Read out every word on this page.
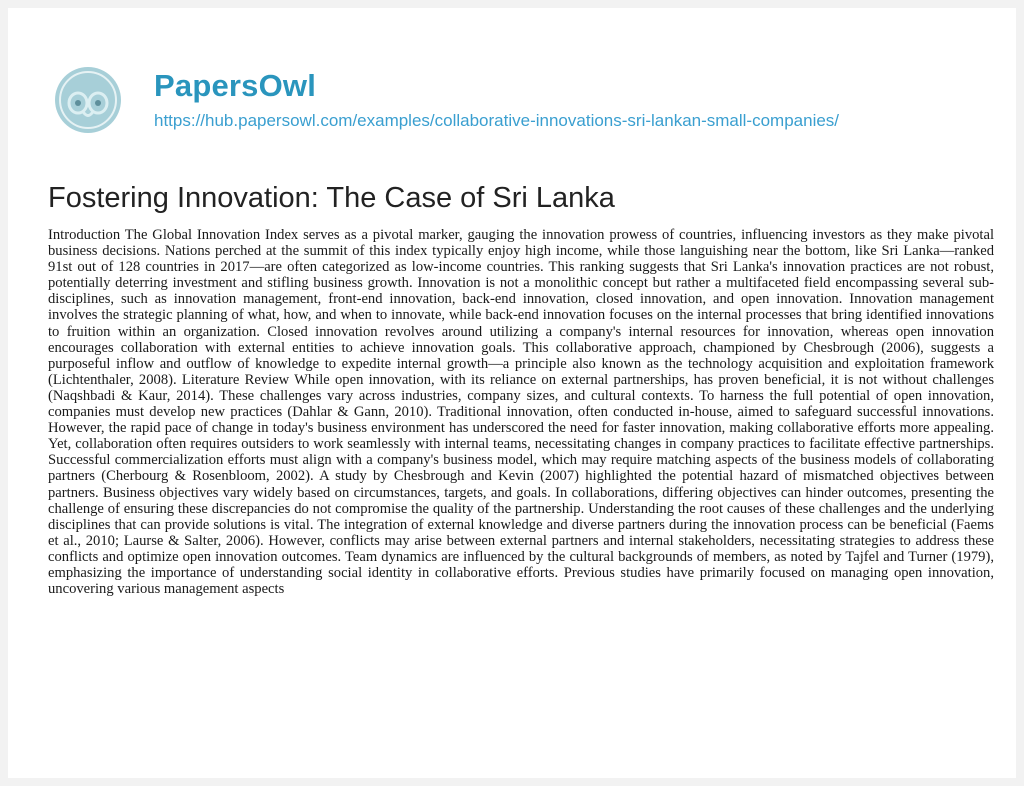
PapersOwl
https://hub.papersowl.com/examples/collaborative-innovations-sri-lankan-small-companies/
Fostering Innovation: The Case of Sri Lanka

Introduction The Global Innovation Index serves as a pivotal marker, gauging the innovation prowess of countries, influencing investors as they make pivotal business decisions. Nations perched at the summit of this index typically enjoy high income, while those languishing near the bottom, like Sri Lanka—ranked 91st out of 128 countries in 2017—are often categorized as low-income countries. This ranking suggests that Sri Lanka's innovation practices are not robust, potentially deterring investment and stifling business growth. Innovation is not a monolithic concept but rather a multifaceted field encompassing several sub-disciplines, such as innovation management, front-end innovation, back-end innovation, closed innovation, and open innovation. Innovation management involves the strategic planning of what, how, and when to innovate, while back-end innovation focuses on the internal processes that bring identified innovations to fruition within an organization. Closed innovation revolves around utilizing a company's internal resources for innovation, whereas open innovation encourages collaboration with external entities to achieve innovation goals. This collaborative approach, championed by Chesbrough (2006), suggests a purposeful inflow and outflow of knowledge to expedite internal growth—a principle also known as the technology acquisition and exploitation framework (Lichtenthaler, 2008). Literature Review While open innovation, with its reliance on external partnerships, has proven beneficial, it is not without challenges (Naqshbadi & Kaur, 2014). These challenges vary across industries, company sizes, and cultural contexts. To harness the full potential of open innovation, companies must develop new practices (Dahlar & Gann, 2010). Traditional innovation, often conducted in-house, aimed to safeguard successful innovations. However, the rapid pace of change in today's business environment has underscored the need for faster innovation, making collaborative efforts more appealing. Yet, collaboration often requires outsiders to work seamlessly with internal teams, necessitating changes in company practices to facilitate effective partnerships. Successful commercialization efforts must align with a company's business model, which may require matching aspects of the business models of collaborating partners (Cherbourg & Rosenbloom, 2002). A study by Chesbrough and Kevin (2007) highlighted the potential hazard of mismatched objectives between partners. Business objectives vary widely based on circumstances, targets, and goals. In collaborations, differing objectives can hinder outcomes, presenting the challenge of ensuring these discrepancies do not compromise the quality of the partnership. Understanding the root causes of these challenges and the underlying disciplines that can provide solutions is vital. The integration of external knowledge and diverse partners during the innovation process can be beneficial (Faems et al., 2010; Laurse & Salter, 2006). However, conflicts may arise between external partners and internal stakeholders, necessitating strategies to address these conflicts and optimize open innovation outcomes. Team dynamics are influenced by the cultural backgrounds of members, as noted by Tajfel and Turner (1979), emphasizing the importance of understanding social identity in collaborative efforts. Previous studies have primarily focused on managing open innovation, uncovering various management aspects
